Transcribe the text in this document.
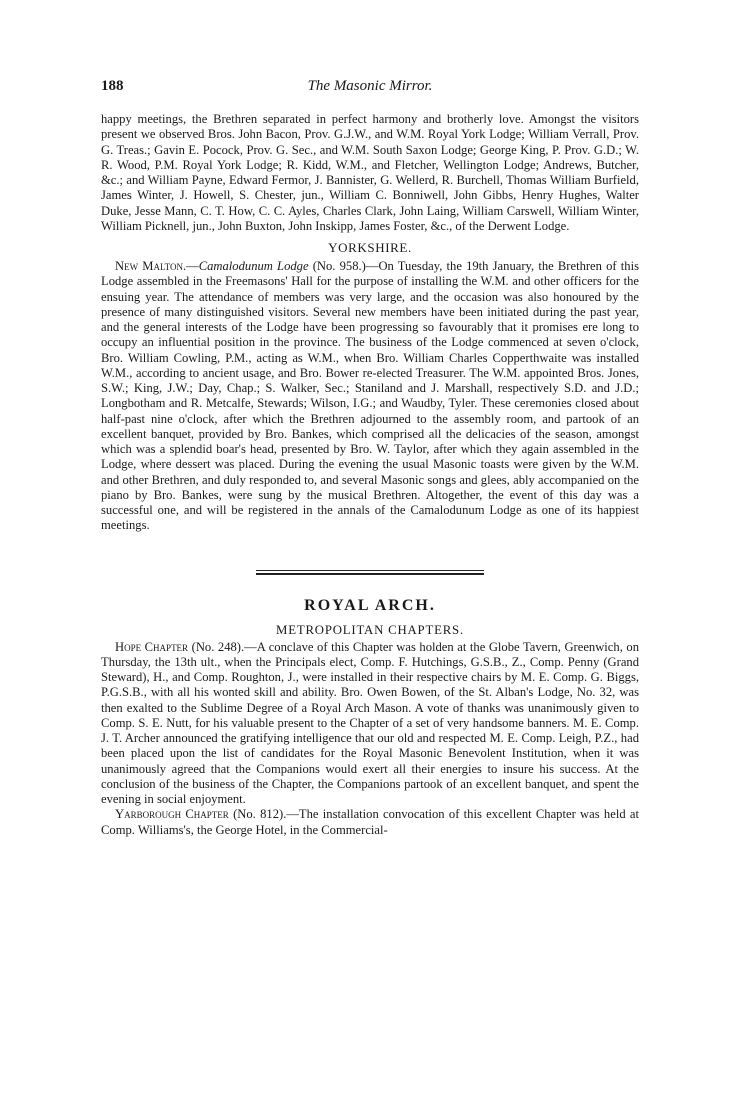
188	The Masonic Mirror.

happy meetings, the Brethren separated in perfect harmony and brotherly love. Amongst the visitors present we observed Bros. John Bacon, Prov. G.J.W., and W.M. Royal York Lodge; William Verrall, Prov. G. Treas.; Gavin E. Pocock, Prov. G. Sec., and W.M. South Saxon Lodge; George King, P. Prov. G.D.; W. R. Wood, P.M. Royal York Lodge; R. Kidd, W.M., and Fletcher, Wellington Lodge; Andrews, Butcher, &c.; and William Payne, Edward Fermor, J. Bannister, G. Wellerd, R. Burchell, Thomas William Burfield, James Winter, J. Howell, S. Chester, jun., William C. Bonniwell, John Gibbs, Henry Hughes, Walter Duke, Jesse Mann, C. T. How, C. C. Ayles, Charles Clark, John Laing, William Carswell, William Winter, William Picknell, jun., John Buxton, John Inskipp, James Foster, &c., of the Derwent Lodge.

YORKSHIRE.

New Malton.—Camalodunum Lodge (No. 958.)—On Tuesday, the 19th January, the Brethren of this Lodge assembled in the Freemasons' Hall for the purpose of installing the W.M. and other officers for the ensuing year. The attendance of members was very large, and the occasion was also honoured by the presence of many distinguished visitors. Several new members have been initiated during the past year, and the general interests of the Lodge have been progressing so favourably that it promises ere long to occupy an influential position in the province. The business of the Lodge commenced at seven o'clock, Bro. William Cowling, P.M., acting as W.M., when Bro. William Charles Copperthwaite was installed W.M., according to ancient usage, and Bro. Bower re-elected Treasurer. The W.M. appointed Bros. Jones, S.W.; King, J.W.; Day, Chap.; S. Walker, Sec.; Staniland and J. Marshall, respectively S.D. and J.D.; Longbotham and R. Metcalfe, Stewards; Wilson, I.G.; and Waudby, Tyler. These ceremonies closed about half-past nine o'clock, after which the Brethren adjourned to the assembly room, and partook of an excellent banquet, provided by Bro. Bankes, which comprised all the delicacies of the season, amongst which was a splendid boar's head, presented by Bro. W. Taylor, after which they again assembled in the Lodge, where dessert was placed. During the evening the usual Masonic toasts were given by the W.M. and other Brethren, and duly responded to, and several Masonic songs and glees, ably accompanied on the piano by Bro. Bankes, were sung by the musical Brethren. Altogether, the event of this day was a successful one, and will be registered in the annals of the Camalodunum Lodge as one of its happiest meetings.

ROYAL ARCH.
METROPOLITAN CHAPTERS.

Hope Chapter (No. 248).—A conclave of this Chapter was holden at the Globe Tavern, Greenwich, on Thursday, the 13th ult., when the Principals elect, Comp. F. Hutchings, G.S.B., Z., Comp. Penny (Grand Steward), H., and Comp. Roughton, J., were installed in their respective chairs by M. E. Comp. G. Biggs, P.G.S.B., with all his wonted skill and ability. Bro. Owen Bowen, of the St. Alban's Lodge, No. 32, was then exalted to the Sublime Degree of a Royal Arch Mason. A vote of thanks was unanimously given to Comp. S. E. Nutt, for his valuable present to the Chapter of a set of very handsome banners. M. E. Comp. J. T. Archer announced the gratifying intelligence that our old and respected M. E. Comp. Leigh, P.Z., had been placed upon the list of candidates for the Royal Masonic Benevolent Institution, when it was unanimously agreed that the Companions would exert all their energies to insure his success. At the conclusion of the business of the Chapter, the Companions partook of an excellent banquet, and spent the evening in social enjoyment.

Yarborough Chapter (No. 812).—The installation convocation of this excellent Chapter was held at Comp. Williams's, the George Hotel, in the Commercial-
